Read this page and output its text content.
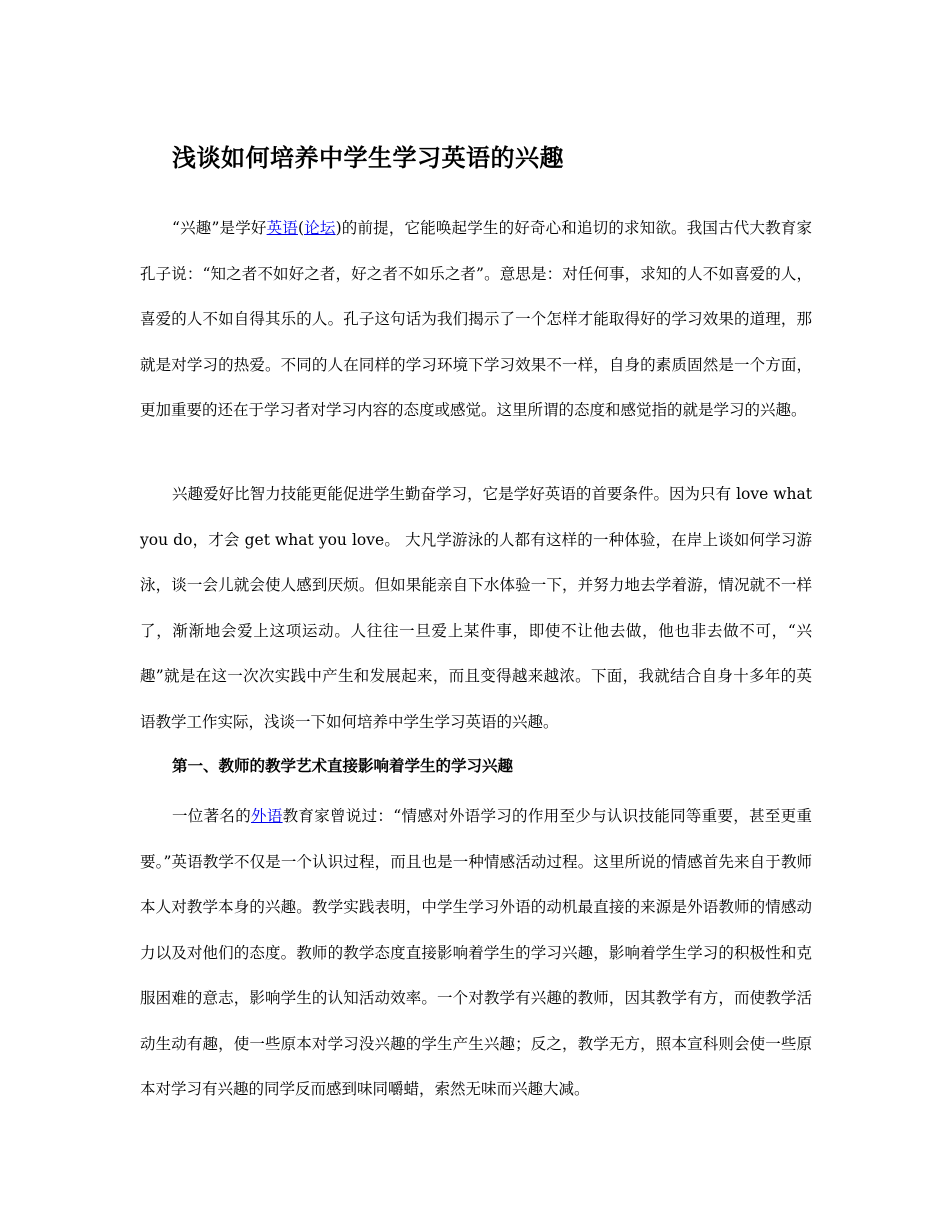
浅谈如何培养中学生学习英语的兴趣

“兴趣”是学好英语(论坛)的前提，它能唤起学生的好奇心和追切的求知欲。我国古代大教育家孔子说：“知之者不如好之者，好之者不如乐之者”。意思是：对任何事，求知的人不如喜爱的人，喜爱的人不如自得其乐的人。孔子这句话为我们揭示了一个怎样才能取得好的学习效果的道理，那就是对学习的热爱。不同的人在同样的学习环境下学习效果不一样，自身的素质固然是一个方面，更加重要的还在于学习者对学习内容的态度或感觉。这里所谓的态度和感觉指的就是学习的兴趣。

兴趣爱好比智力技能更能促进学生勤奋学习，它是学好英语的首要条件。因为只有 love what you do，才会 get what you love。 大凡学游泳的人都有这样的一种体验，在岸上谈如何学习游泳，谈一会儿就会使人感到厌烦。但如果能亲自下水体验一下，并努力地去学着游，情况就不一样了，渐渐地会爱上这项运动。人往往一旦爱上某件事，即使不让他去做，他也非去做不可，“兴趣”就是在这一次次实践中产生和发展起来，而且变得越来越浓。下面，我就结合自身十多年的英语教学工作实际，浅谈一下如何培养中学生学习英语的兴趣。

第一、教师的教学艺术直接影响着学生的学习兴趣

一位著名的外语教育家曾说过：“情感对外语学习的作用至少与认识技能同等重要，甚至更重要。”英语教学不仅是一个认识过程，而且也是一种情感活动过程。这里所说的情感首先来自于教师本人对教学本身的兴趣。教学实践表明，中学生学习外语的动机最直接的来源是外语教师的情感动力以及对他们的态度。教师的教学态度直接影响着学生的学习兴趣，影响着学生学习的积极性和克服困难的意志，影响学生的认知活动效率。一个对教学有兴趣的教师，因其教学有方，而使教学活动生动有趣，使一些原本对学习没兴趣的学生产生兴趣；反之，教学无方，照本宣科则会使一些原本对学习有兴趣的同学反而感到味同嚼蜡，索然无味而兴趣大减。
